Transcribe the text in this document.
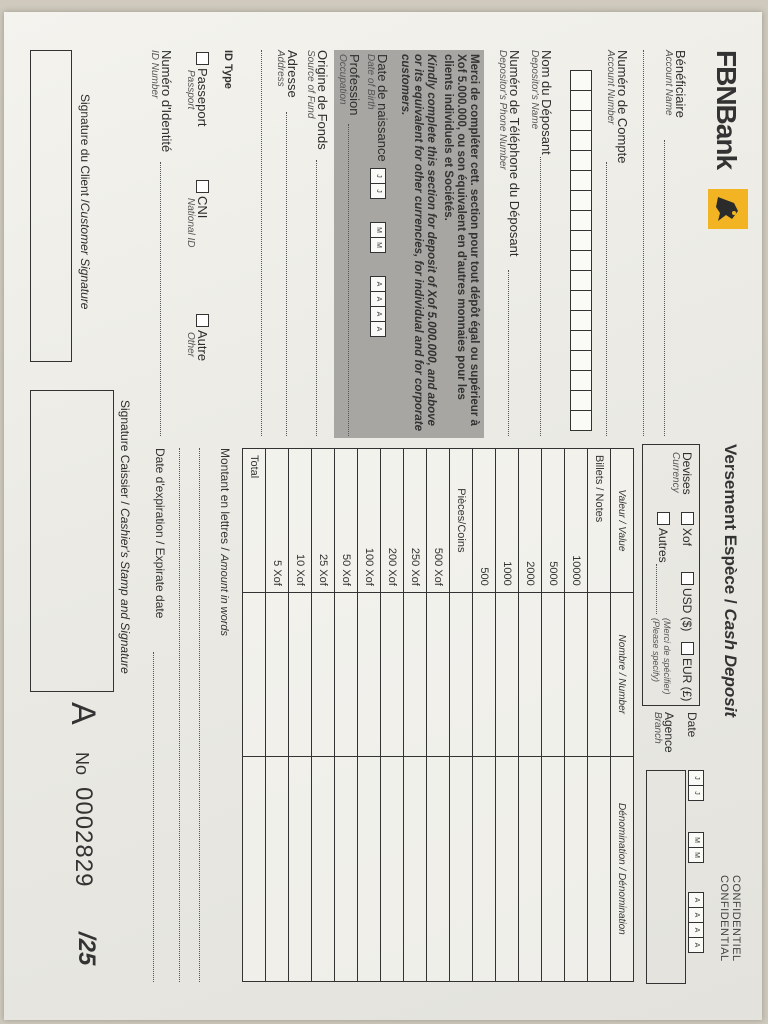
FBNBank
Bénéficiaire
Account Name
Numéro de Compte
Account Number
Nom du Déposant
Depositor's Name
Numéro de Téléphone du Déposant
Depositor's Phone Number
Merci de compléter cett. section pour tout dépôt égal ou supérieur à Xof 5.000.000, ou son équivalent en d'autres monnaies pour les clients individuels et Sociétés.
Kindly complete this section for deposit of Xof 5.000.000, and above or its equivalent for other currencies, for individual and for corporate customers.
Date de naissance
Date of Birth
J
J
M
M
A
A
A
A
Profession
Occupation
Origine de Fonds
Source of Fund
Adresse
Address
ID Type
Passeport
Passport
CNI
National ID
Autre
Other
Numéro d'Identité
ID Number
Signature du Client /Customer Signature
Versement Espèce / Cash Deposit
CONFIDENTIEL
CONFIDENTIAL
Devises
Currency
Xof
USD ($)
EUR (£)
Autres
(Merci de spécifier)
(Please specify)
Date
J
J
M
M
A
A
A
A
Agence
Branch
Valeur / Value	Nombre / Number	Dénomination / Dénomination
Billets / Notes		
10000		
5000		
2000		
1000		
500		
Pièces/Coins		
500 Xof		
250 Xof		
200 Xof		
100 Xof		
50 Xof		
25 Xof		
10 Xof		
5 Xof		
Total		
Montant en lettres / Amount in words
Date d'expiration / Expirate date
Signature Caissier / Cashier's Stamp and Signature
A
No
0002829
/25
